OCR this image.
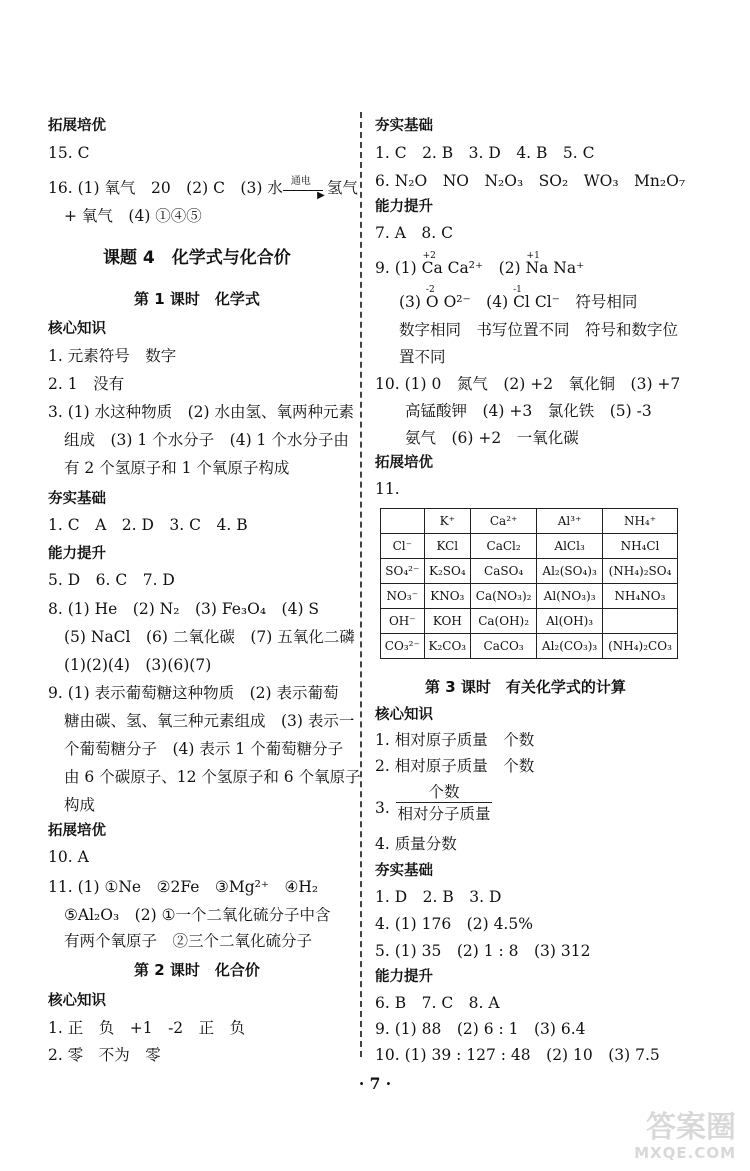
拓展培优
15. C
16. (1) 氧气　20　(2) C　(3) 水 通电
▶ 氢气
+ 氧气　(4) ①④⑤
课题 4　化学式与化合价
第 1 课时　化学式
核心知识
1. 元素符号　数字
2. 1　没有
3. (1) 水这种物质　(2) 水由氢、氧两种元素
组成　(3) 1 个水分子　(4) 1 个水分子由
有 2 个氢原子和 1 个氧原子构成
夯实基础
1. C　A　2. D　3. C　4. B
能力提升
5. D　6. C　7. D
8. (1) He　(2) N₂　(3) Fe₃O₄　(4) S
(5) NaCl　(6) 二氧化碳　(7) 五氧化二磷
(1)(2)(4)　(3)(6)(7)
9. (1) 表示葡萄糖这种物质　(2) 表示葡萄
糖由碳、氢、氧三种元素组成　(3) 表示一
个葡萄糖分子　(4) 表示 1 个葡萄糖分子
由 6 个碳原子、12 个氢原子和 6 个氧原子
构成
拓展培优
10. A
11. (1) ①Ne　②2Fe　③Mg²⁺　④H₂
⑤Al₂O₃　(2) ①一个二氧化硫分子中含
有两个氧原子　②三个二氧化硫分子
第 2 课时　化合价
核心知识
1. 正　负　+1　-2　正　负
2. 零　不为　零
夯实基础
1. C　2. B　3. D　4. B　5. C
6. N₂O　NO　N₂O₃　SO₂　WO₃　Mn₂O₇
能力提升
7. A　8. C
9. (1)
+2
Ca Ca²⁺　(2)
+1
Na Na⁺
(3)
-2
O O²⁻　(4)
-1
Cl Cl⁻　符号相同
数字相同　书写位置不同　符号和数字位
置不同
10. (1) 0　氮气　(2) +2　氧化铜　(3) +7
高锰酸钾　(4) +3　氯化铁　(5) -3
氨气　(6) +2　一氧化碳
拓展培优
11.
	K⁺	Ca²⁺	Al³⁺	NH₄⁺
Cl⁻	KCl	CaCl₂	AlCl₃	NH₄Cl
SO₄²⁻	K₂SO₄	CaSO₄	Al₂(SO₄)₃	(NH₄)₂SO₄
NO₃⁻	KNO₃	Ca(NO₃)₂	Al(NO₃)₃	NH₄NO₃
OH⁻	KOH	Ca(OH)₂	Al(OH)₃	
CO₃²⁻	K₂CO₃	CaCO₃	Al₂(CO₃)₃	(NH₄)₂CO₃
第 3 课时　有关化学式的计算
核心知识
1. 相对原子质量　个数
2. 相对原子质量　个数
3.
4. 质量分数
夯实基础
1. D　2. B　3. D
4. (1) 176　(2) 4.5%
5. (1) 35　(2) 1 : 8　(3) 312
能力提升
6. B　7. C　8. A
9. (1) 88　(2) 6 : 1　(3) 6.4
10. (1) 39 : 127 : 48　(2) 10　(3) 7.5
个数
相对分子质量
· 7 ·
答案圈
MXQE.COM
